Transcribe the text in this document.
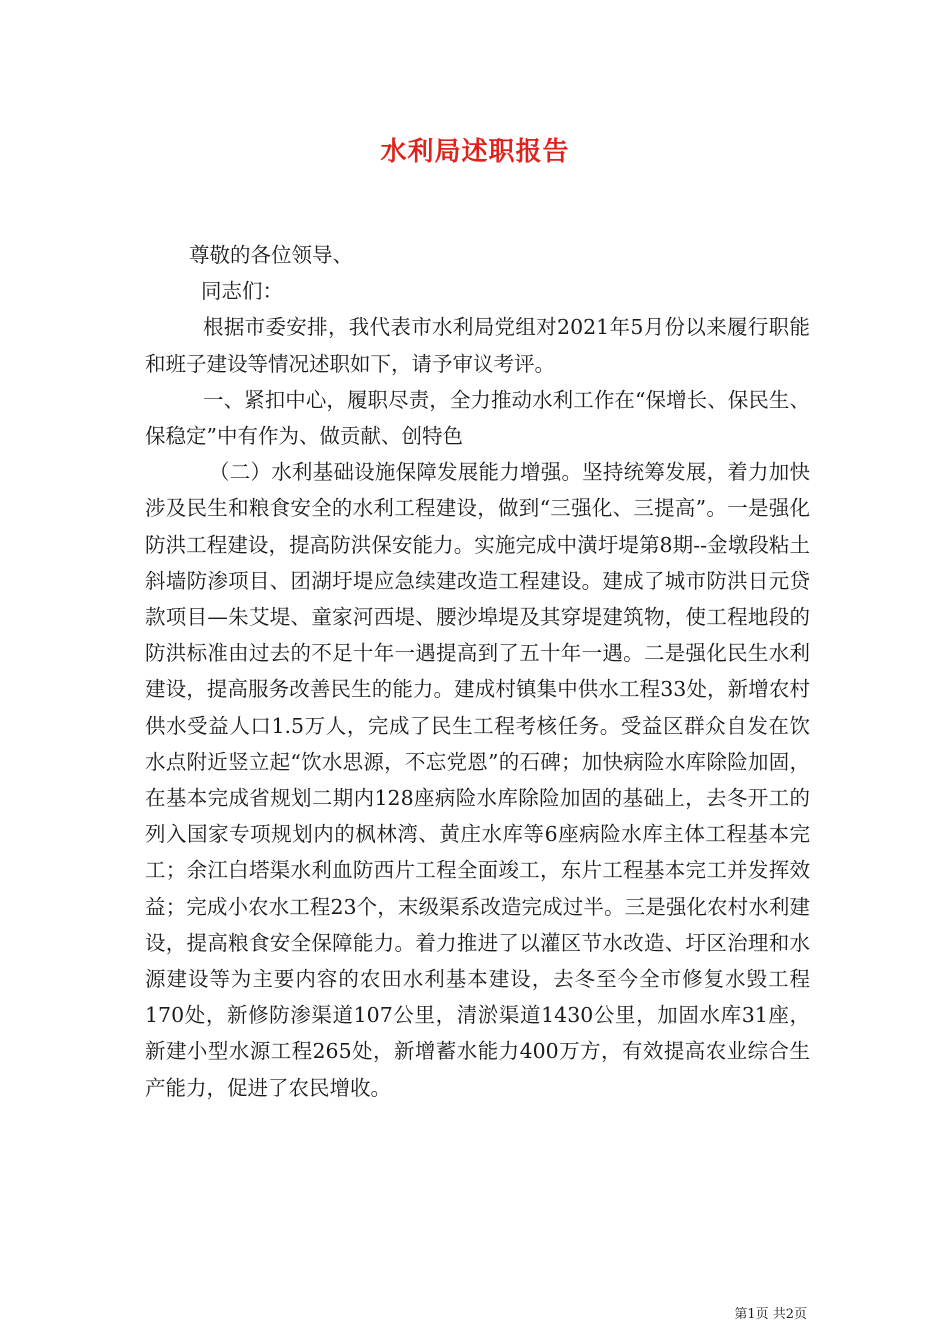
水利局述职报告

尊敬的各位领导、

同志们：

根据市委安排，我代表市水利局党组对2021年5月份以来履行职能和班子建设等情况述职如下，请予审议考评。

一、紧扣中心，履职尽责，全力推动水利工作在“保增长、保民生、保稳定”中有作为、做贡献、创特色

（二）水利基础设施保障发展能力增强。坚持统筹发展，着力加快涉及民生和粮食安全的水利工程建设，做到“三强化、三提高”。一是强化防洪工程建设，提高防洪保安能力。实施完成中潢圩堤第8期--金墩段粘土斜墙防渗项目、团湖圩堤应急续建改造工程建设。建成了城市防洪日元贷款项目—朱艾堤、童家河西堤、腰沙埠堤及其穿堤建筑物，使工程地段的防洪标准由过去的不足十年一遇提高到了五十年一遇。二是强化民生水利建设，提高服务改善民生的能力。建成村镇集中供水工程33处，新增农村供水受益人口1.5万人，完成了民生工程考核任务。受益区群众自发在饮水点附近竖立起“饮水思源，不忘党恩”的石碑；加快病险水库除险加固，在基本完成省规划二期内128座病险水库除险加固的基础上，去冬开工的列入国家专项规划内的枫林湾、黄庄水库等6座病险水库主体工程基本完工；余江白塔渠水利血防西片工程全面竣工，东片工程基本完工并发挥效益；完成小农水工程23个，末级渠系改造完成过半。三是强化农村水利建设，提高粮食安全保障能力。着力推进了以灌区节水改造、圩区治理和水源建设等为主要内容的农田水利基本建设，去冬至今全市修复水毁工程170处，新修防渗渠道107公里，清淤渠道1430公里，加固水库31座，新建小型水源工程265处，新增蓄水能力400万方，有效提高农业综合生产能力，促进了农民增收。

第1页 共2页
